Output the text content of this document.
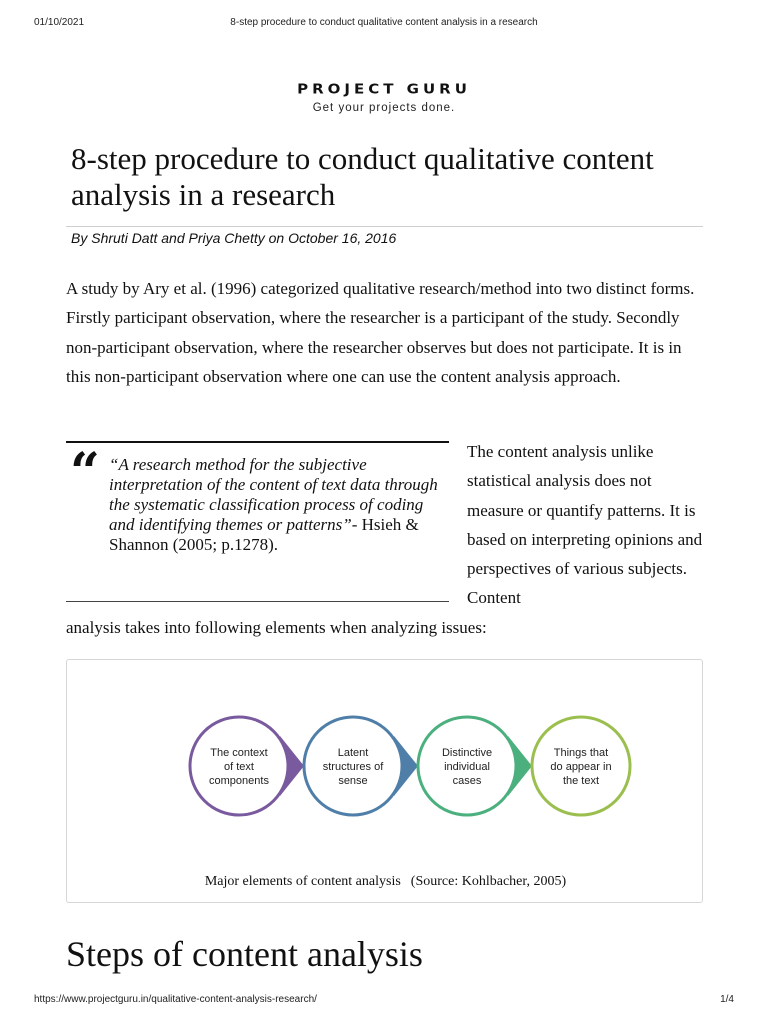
01/10/2021	8-step procedure to conduct qualitative content analysis in a research
PROJECT GURU
Get your projects done.
8-step procedure to conduct qualitative content analysis in a research
By Shruti Datt and Priya Chetty on October 16, 2016

A study by Ary et al. (1996) categorized qualitative research/method into two distinct forms. Firstly participant observation, where the researcher is a participant of the study. Secondly non-participant observation, where the researcher observes but does not participate. It is in this non-participant observation where one can use the content analysis approach.

“ “A research method for the subjective interpretation of the content of text data through the systematic classification process of coding and identifying themes or patterns”- Hsieh & Shannon (2005; p.1278).

The content analysis unlike statistical analysis does not measure or quantify patterns. It is based on interpreting opinions and perspectives of various subjects. Content

analysis takes into following elements when analyzing issues:

The context
of text
components
Latent
structures of
sense
Distinctive
individual
cases
Things that
do appear in
the text
Major elements of content analysis (Source: Kohlbacher, 2005)
Steps of content analysis
https://www.projectguru.in/qualitative-content-analysis-research/	1/4
